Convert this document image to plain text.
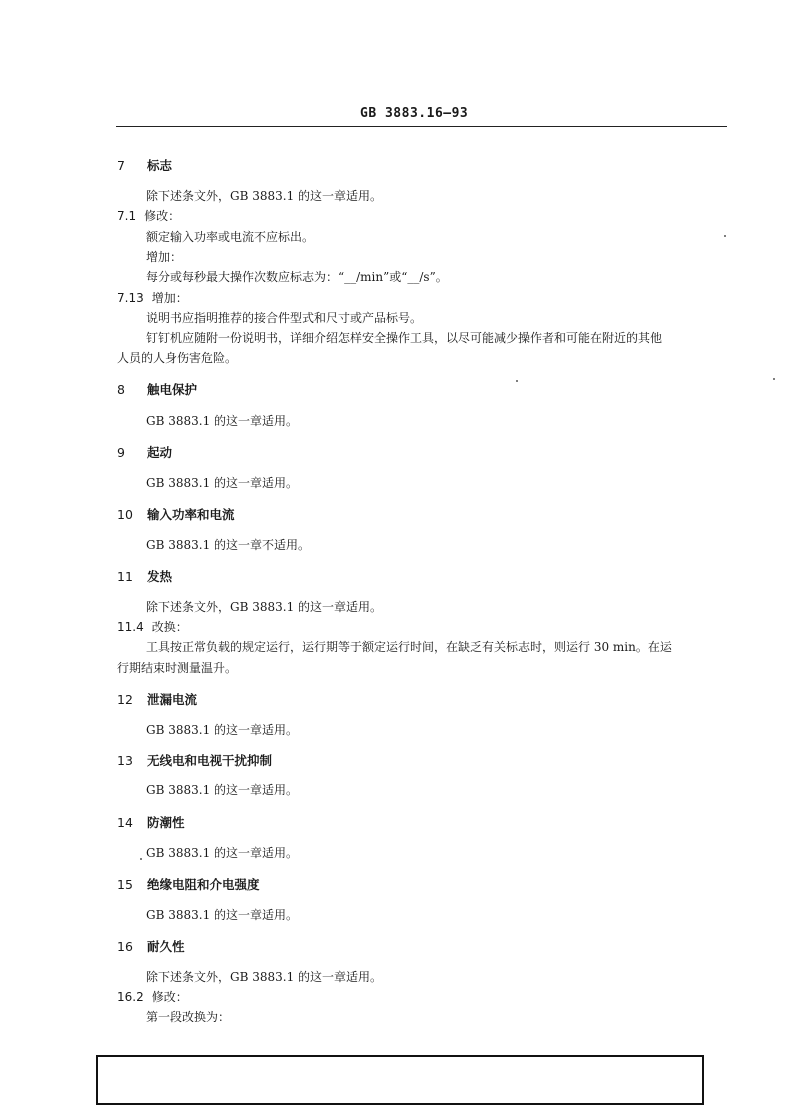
GB 3883.16—93
7 标志
除下述条文外，GB 3883.1 的这一章适用。
7.1 修改：
额定输入功率或电流不应标出。
增加：
每分或每秒最大操作次数应标志为：“__/min”或“__/s”。
7.13 增加：
说明书应指明推荐的接合件型式和尺寸或产品标号。
钉钉机应随附一份说明书，详细介绍怎样安全操作工具，以尽可能减少操作者和可能在附近的其他
人员的人身伤害危险。
8 触电保护
GB 3883.1 的这一章适用。
9 起动
GB 3883.1 的这一章适用。
10 输入功率和电流
GB 3883.1 的这一章不适用。
11 发热
除下述条文外，GB 3883.1 的这一章适用。
11.4 改换：
工具按正常负载的规定运行，运行期等于额定运行时间，在缺乏有关标志时，则运行 30 min。在运
行期结束时测量温升。
12 泄漏电流
GB 3883.1 的这一章适用。
13 无线电和电视干扰抑制
GB 3883.1 的这一章适用。
14 防潮性
GB 3883.1 的这一章适用。
15 绝缘电阻和介电强度
GB 3883.1 的这一章适用。
16 耐久性
除下述条文外，GB 3883.1 的这一章适用。
16.2 修改：
第一段改换为：
